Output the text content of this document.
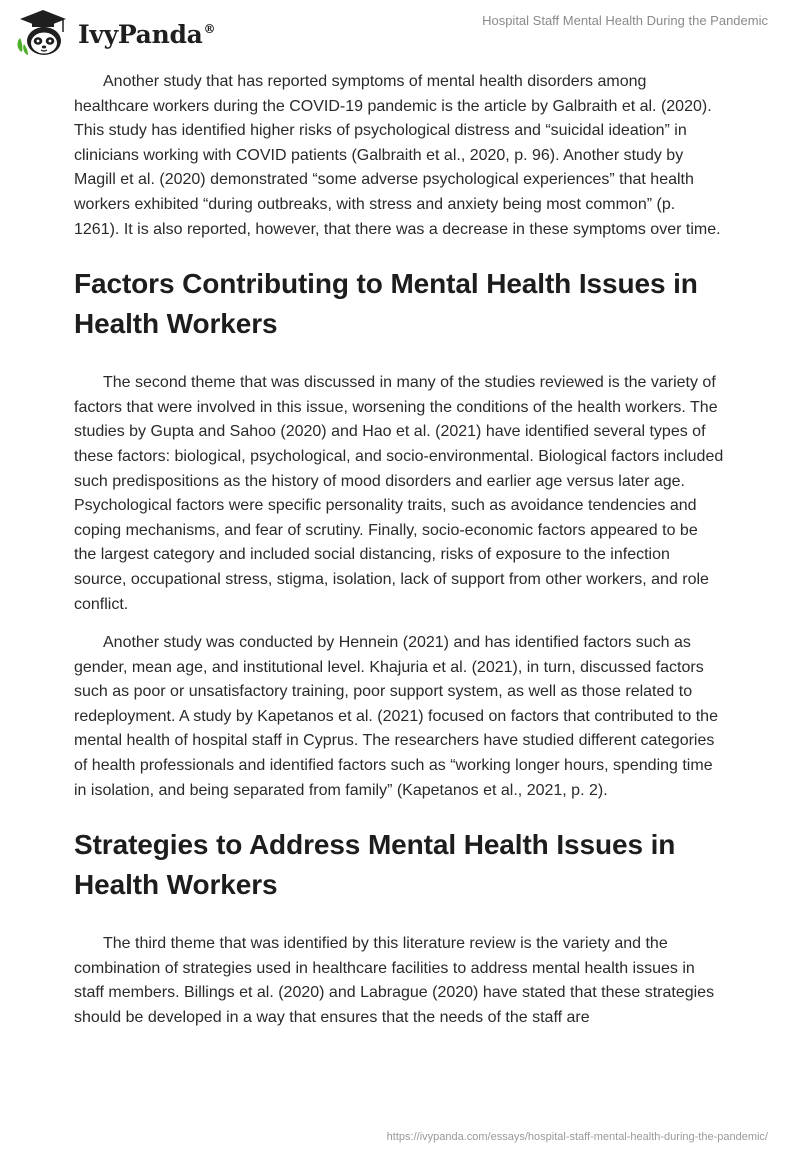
IvyPanda®
Hospital Staff Mental Health During the Pandemic

Another study that has reported symptoms of mental health disorders among healthcare workers during the COVID-19 pandemic is the article by Galbraith et al. (2020). This study has identified higher risks of psychological distress and “suicidal ideation” in clinicians working with COVID patients (Galbraith et al., 2020, p. 96). Another study by Magill et al. (2020) demonstrated “some adverse psychological experiences” that health workers exhibited “during outbreaks, with stress and anxiety being most common” (p. 1261). It is also reported, however, that there was a decrease in these symptoms over time.

Factors Contributing to Mental Health Issues in Health Workers

The second theme that was discussed in many of the studies reviewed is the variety of factors that were involved in this issue, worsening the conditions of the health workers. The studies by Gupta and Sahoo (2020) and Hao et al. (2021) have identified several types of these factors: biological, psychological, and socio-environmental. Biological factors included such predispositions as the history of mood disorders and earlier age versus later age. Psychological factors were specific personality traits, such as avoidance tendencies and coping mechanisms, and fear of scrutiny. Finally, socio-economic factors appeared to be the largest category and included social distancing, risks of exposure to the infection source, occupational stress, stigma, isolation, lack of support from other workers, and role conflict.

Another study was conducted by Hennein (2021) and has identified factors such as gender, mean age, and institutional level. Khajuria et al. (2021), in turn, discussed factors such as poor or unsatisfactory training, poor support system, as well as those related to redeployment. A study by Kapetanos et al. (2021) focused on factors that contributed to the mental health of hospital staff in Cyprus. The researchers have studied different categories of health professionals and identified factors such as “working longer hours, spending time in isolation, and being separated from family” (Kapetanos et al., 2021, p. 2).

Strategies to Address Mental Health Issues in Health Workers

The third theme that was identified by this literature review is the variety and the combination of strategies used in healthcare facilities to address mental health issues in staff members. Billings et al. (2020) and Labrague (2020) have stated that these strategies should be developed in a way that ensures that the needs of the staff are

https://ivypanda.com/essays/hospital-staff-mental-health-during-the-pandemic/
